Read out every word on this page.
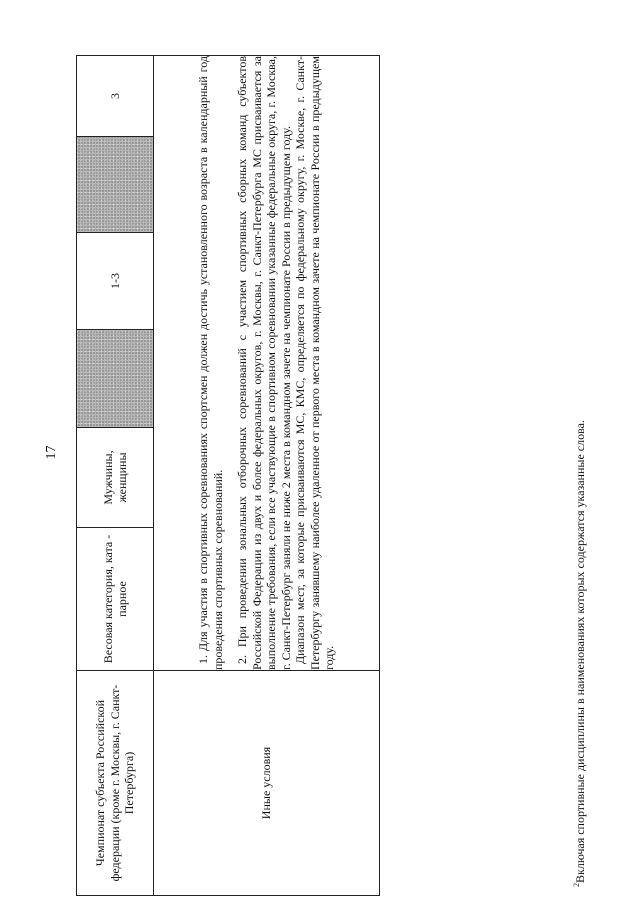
17
Чемпионат субъекта Российской федерации (кроме г. Москвы, г. Санкт-Петербурга)	Весовая категория, ката - парное	Мужчины, женщины		1-3		3
Иные условия	1. Для участия в спортивных соревнованиях спортсмен должен достичь установленного возраста в календарный год проведения спортивных соревнований. 2. При проведении зональных отборочных соревнований с участием спортивных сборных команд субъектов Российской Федерации из двух и более федеральных округов, г. Москвы, г. Санкт-Петербурга МС присваивается за выполнение требования, если все участвующие в спортивном соревновании указанные федеральные округа, г. Москва, г. Санкт-Петербург заняли не ниже 2 места в командном зачете на чемпионате России в предыдущем году. Диапазон мест, за которые присваиваются МС, КМС, определяется по федеральному округу, г. Москве, г. Санкт-Петербургу занявшему наиболее удаленное от первого места в командном зачете на чемпионате России в предыдущем году.					

$^2$Включая спортивные дисциплины в наименованиях которых содержатся указанные слова.
